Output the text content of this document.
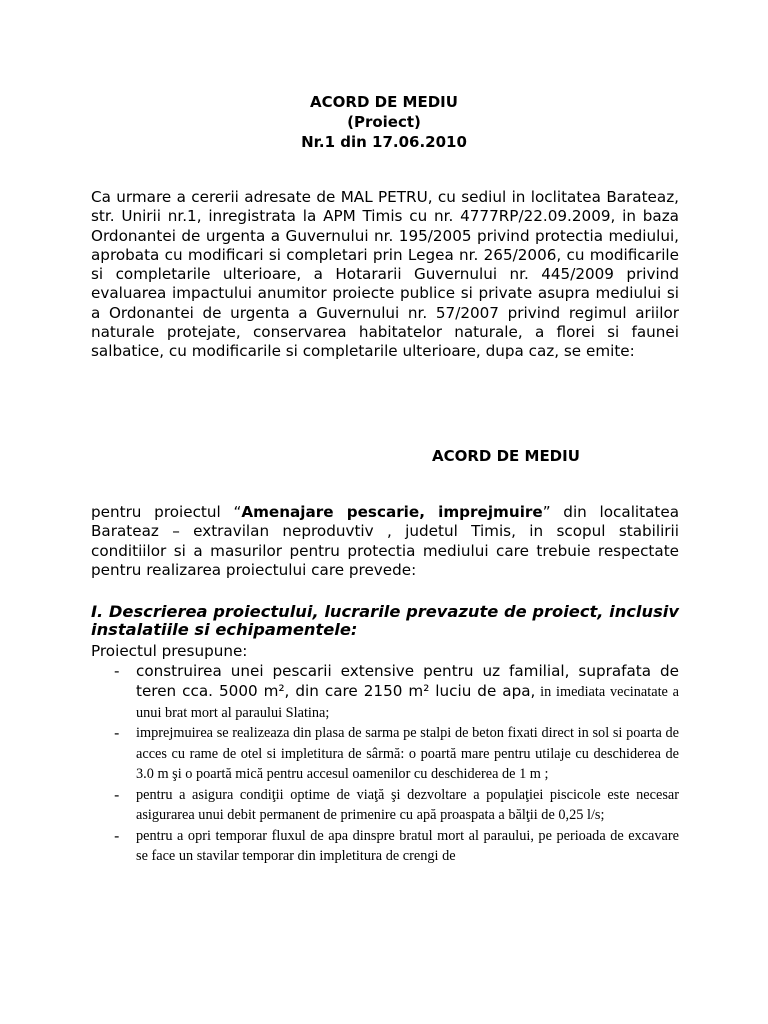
ACORD DE MEDIU
(Proiect)
Nr.1 din 17.06.2010
Ca urmare a cererii adresate de MAL PETRU, cu sediul in loclitatea Barateaz, str. Unirii nr.1, inregistrata la APM Timis cu nr. 4777RP/22.09.2009, in baza Ordonantei de urgenta a Guvernului nr. 195/2005 privind protectia mediului, aprobata cu modificari si completari prin Legea nr. 265/2006, cu modificarile si completarile ulterioare, a Hotararii Guvernului nr. 445/2009 privind evaluarea impactului anumitor proiecte publice si private asupra mediului si a Ordonantei de urgenta a Guvernului nr. 57/2007 privind regimul ariilor naturale protejate, conservarea habitatelor naturale, a florei si faunei salbatice, cu modificarile si completarile ulterioare, dupa caz, se emite:
ACORD DE MEDIU
pentru proiectul “Amenajare pescarie, imprejmuire” din localitatea Barateaz – extravilan neproduvtiv , judetul Timis, in scopul stabilirii conditiilor si a masurilor pentru protectia mediului care trebuie respectate pentru realizarea proiectului care prevede:
I. Descrierea proiectului, lucrarile prevazute de proiect, inclusiv instalatiile si echipamentele:
Proiectul presupune:
- construirea unei pescarii extensive pentru uz familial, suprafata de teren cca. 5000 m², din care 2150 m² luciu de apa, in imediata vecinatate a unui brat mort al paraului Slatina;
- imprejmuirea se realizeaza din plasa de sarma pe stalpi de beton fixati direct in sol si poarta de acces cu rame de otel si impletitura de sârmă: o poartă mare pentru utilaje cu deschiderea de 3.0 m şi o poartă mică pentru accesul oamenilor cu deschiderea de 1 m ;
- pentru a asigura condiţii optime de viaţă şi dezvoltare a populaţiei piscicole este necesar asigurarea unui debit permanent de primenire cu apă proaspata a bălţii de 0,25 l/s;
- pentru a opri temporar fluxul de apa dinspre bratul mort al paraului, pe perioada de excavare se face un stavilar temporar din impletitura de crengi de
